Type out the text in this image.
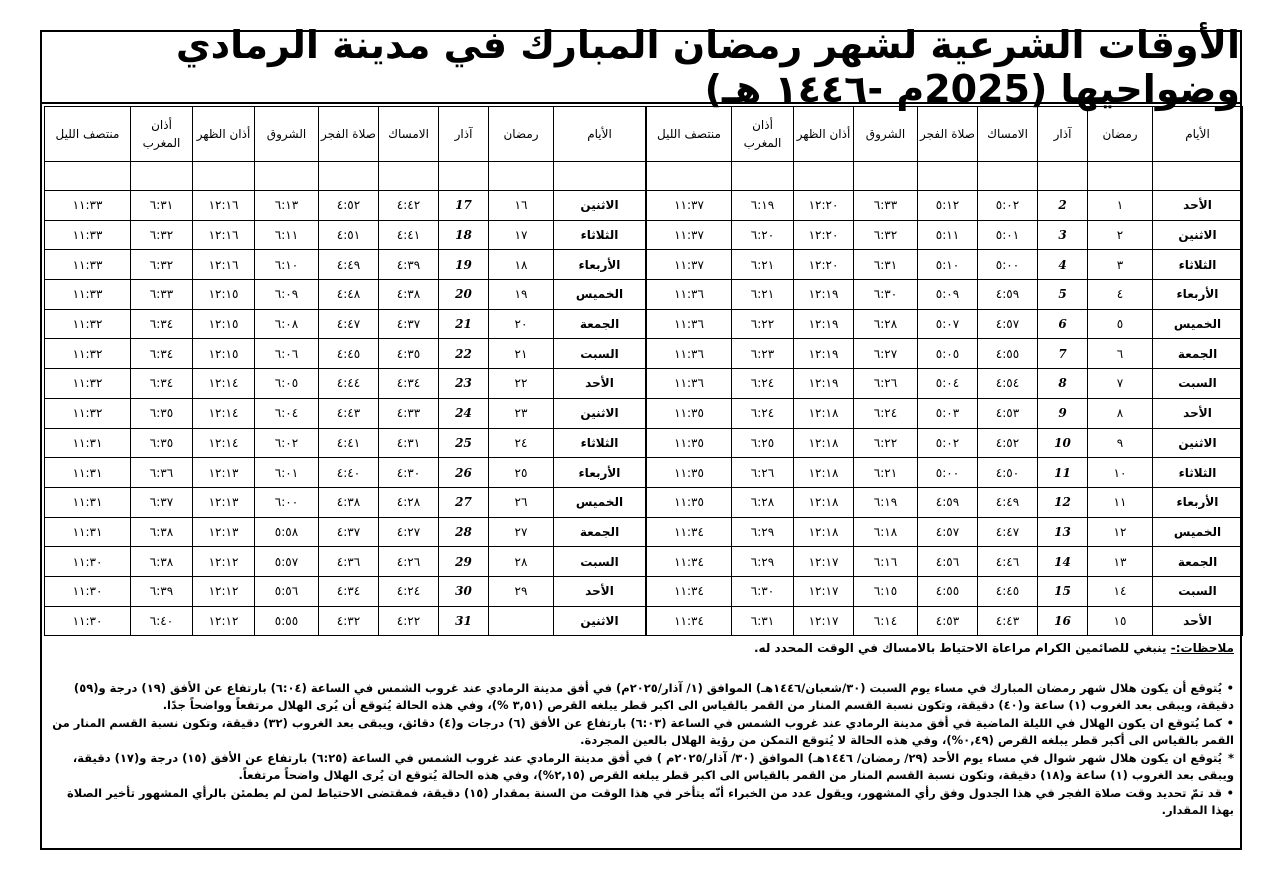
الأوقات الشرعية لشهر رمضان المبارك في مدينة الرمادي وضواحيها (2025م -١٤٤٦ هـ)
الأيام	رمضان	آذار	الامساك	صلاة الفجر	الشروق	أذان الظهر	أذان المغرب	منتصف الليل

الأحد	١	2	٥:٠٢	٥:١٢	٦:٣٣	١٢:٢٠	٦:١٩	١١:٣٧
الاثنين	٢	3	٥:٠١	٥:١١	٦:٣٢	١٢:٢٠	٦:٢٠	١١:٣٧
الثلاثاء	٣	4	٥:٠٠	٥:١٠	٦:٣١	١٢:٢٠	٦:٢١	١١:٣٧
الأربعاء	٤	5	٤:٥٩	٥:٠٩	٦:٣٠	١٢:١٩	٦:٢١	١١:٣٦
الخميس	٥	6	٤:٥٧	٥:٠٧	٦:٢٨	١٢:١٩	٦:٢٢	١١:٣٦
الجمعة	٦	7	٤:٥٥	٥:٠٥	٦:٢٧	١٢:١٩	٦:٢٣	١١:٣٦
السبت	٧	8	٤:٥٤	٥:٠٤	٦:٢٦	١٢:١٩	٦:٢٤	١١:٣٦
الأحد	٨	9	٤:٥٣	٥:٠٣	٦:٢٤	١٢:١٨	٦:٢٤	١١:٣٥
الاثنين	٩	10	٤:٥٢	٥:٠٢	٦:٢٢	١٢:١٨	٦:٢٥	١١:٣٥
الثلاثاء	١٠	11	٤:٥٠	٥:٠٠	٦:٢١	١٢:١٨	٦:٢٦	١١:٣٥
الأربعاء	١١	12	٤:٤٩	٤:٥٩	٦:١٩	١٢:١٨	٦:٢٨	١١:٣٥
الخميس	١٢	13	٤:٤٧	٤:٥٧	٦:١٨	١٢:١٨	٦:٢٩	١١:٣٤
الجمعة	١٣	14	٤:٤٦	٤:٥٦	٦:١٦	١٢:١٧	٦:٢٩	١١:٣٤
السبت	١٤	15	٤:٤٥	٤:٥٥	٦:١٥	١٢:١٧	٦:٣٠	١١:٣٤
الأحد	١٥	16	٤:٤٣	٤:٥٣	٦:١٤	١٢:١٧	٦:٣١	١١:٣٤
الأيام	رمضان	آذار	الامساك	صلاة الفجر	الشروق	أذان الظهر	أذان المغرب	منتصف الليل

الاثنين	١٦	17	٤:٤٢	٤:٥٢	٦:١٣	١٢:١٦	٦:٣١	١١:٣٣
الثلاثاء	١٧	18	٤:٤١	٤:٥١	٦:١١	١٢:١٦	٦:٣٢	١١:٣٣
الأربعاء	١٨	19	٤:٣٩	٤:٤٩	٦:١٠	١٢:١٦	٦:٣٢	١١:٣٣
الخميس	١٩	20	٤:٣٨	٤:٤٨	٦:٠٩	١٢:١٥	٦:٣٣	١١:٣٣
الجمعة	٢٠	21	٤:٣٧	٤:٤٧	٦:٠٨	١٢:١٥	٦:٣٤	١١:٣٢
السبت	٢١	22	٤:٣٥	٤:٤٥	٦:٠٦	١٢:١٥	٦:٣٤	١١:٣٢
الأحد	٢٢	23	٤:٣٤	٤:٤٤	٦:٠٥	١٢:١٤	٦:٣٤	١١:٣٢
الاثنين	٢٣	24	٤:٣٣	٤:٤٣	٦:٠٤	١٢:١٤	٦:٣٥	١١:٣٢
الثلاثاء	٢٤	25	٤:٣١	٤:٤١	٦:٠٢	١٢:١٤	٦:٣٥	١١:٣١
الأربعاء	٢٥	26	٤:٣٠	٤:٤٠	٦:٠١	١٢:١٣	٦:٣٦	١١:٣١
الخميس	٢٦	27	٤:٢٨	٤:٣٨	٦:٠٠	١٢:١٣	٦:٣٧	١١:٣١
الجمعة	٢٧	28	٤:٢٧	٤:٣٧	٥:٥٨	١٢:١٣	٦:٣٨	١١:٣١
السبت	٢٨	29	٤:٢٦	٤:٣٦	٥:٥٧	١٢:١٢	٦:٣٨	١١:٣٠
الأحد	٢٩	30	٤:٢٤	٤:٣٤	٥:٥٦	١٢:١٢	٦:٣٩	١١:٣٠
الاثنين		31	٤:٢٢	٤:٣٢	٥:٥٥	١٢:١٢	٦:٤٠	١١:٣٠
ملاحظات:- ينبغي للصائمين الكرام مراعاة الاحتياط بالامساك في الوقت المحدد له.

•يُتوقع أن يكون هلال شهر رمضان المبارك في مساء يوم السبت (٣٠/شعبان/١٤٤٦هـ) الموافق (١/ آذار/٢٠٢٥م) في أفق مدينة الرمادي عند غروب الشمس في الساعة (٦:٠٤) بارتفاع عن الأفق (١٩) درجة و(٥٩) دقيقة، ويبقى بعد الغروب (١) ساعة و(٤٠) دقيقة، وتكون نسبة القسم المنار من القمر بالقياس الى اكبر قطر يبلغه القرص (٣,٥١ %)، وفي هذه الحالة يُتوقع أن يُرى الهلال مرتفعاً وواضحاً جدًا.

•كما يُتوقع ان يكون الهلال في الليلة الماضية في أفق مدينة الرمادي عند غروب الشمس في الساعة (٦:٠٣) بارتفاع عن الأفق (٦) درجات و(٤) دقائق، ويبقى بعد الغروب (٣٢) دقيقة، وتكون نسبة القسم المنار من القمر بالقياس الى أكبر قطر يبلغه القرص (٠,٤٩%)، وفي هذه الحالة لا يُتوقع التمكن من رؤية الهلال بالعين المجردة.

*يُتوقع ان يكون هلال شهر شوال في مساء يوم الأحد (٢٩/ رمضان/ ١٤٤٦هـ) الموافق (٣٠/ آذار/٢٠٢٥م ) في أفق مدينة الرمادي عند غروب الشمس في الساعة (٦:٢٥) بارتفاع عن الأفق (١٥) درجة و(١٧) دقيقة، ويبقى بعد الغروب (١) ساعة و(١٨) دقيقة، وتكون نسبة القسم المنار من القمر بالقياس الى اكبر قطر يبلغه القرص (٢,١٥%)، وفي هذه الحالة يُتوقع ان يُرى الهلال واضحاً مرتفعاً.

•قد تمّ تحديد وقت صلاة الفجر في هذا الجدول وفق رأي المشهور، ويقول عدد من الخبراء أنّه يتأخر في هذا الوقت من السنة بمقدار (١٥) دقيقة، فمقتضى الاحتياط لمن لم يطمئن بالرأي المشهور تأخير الصلاة بهذا المقدار.
